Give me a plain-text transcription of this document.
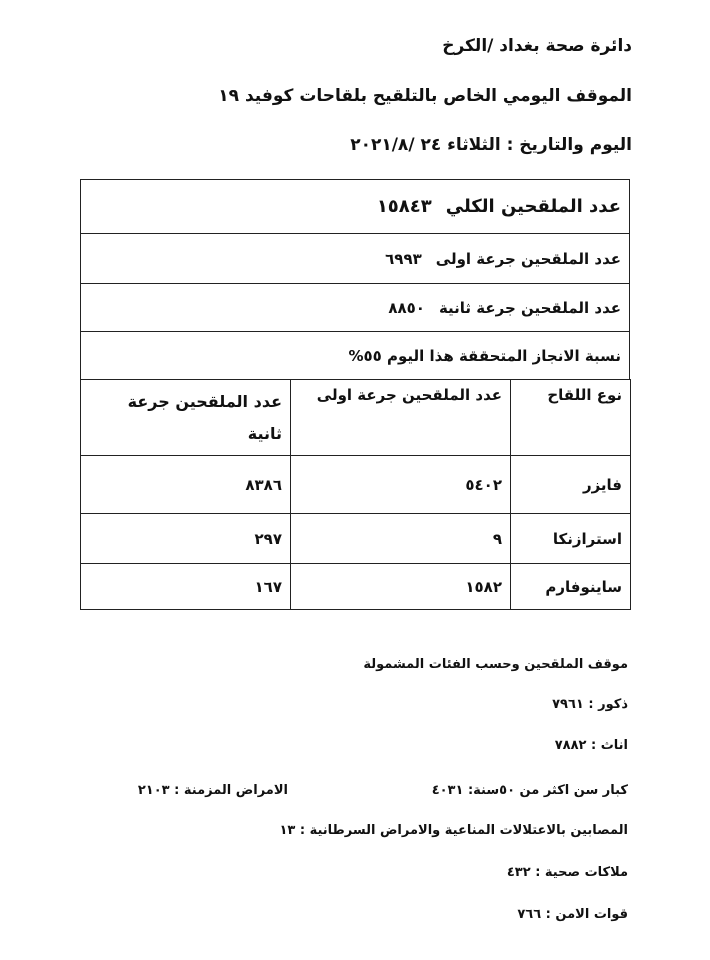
دائرة صحة بغداد /الكرخ
الموقف اليومي الخاص بالتلقيح بلقاحات كوفيد ١٩
اليوم والتاريخ : الثلاثاء ٢٤ /٢٠٢١/٨
عدد الملقحين الكلي
١٥٨٤٣
عدد الملقحين جرعة اولى
٦٩٩٣
عدد الملقحين جرعة ثانية
٨٨٥٠
نسبة الانجاز المتحققة هذا اليوم ٥٥%
نوع اللقاح	عدد الملقحين جرعة اولى	عدد الملقحين جرعة ثانية
فايزر	٥٤٠٢	٨٣٨٦
استرازنكا	٩	٢٩٧
ساينوفارم	١٥٨٢	١٦٧
موقف الملقحين وحسب الفئات المشمولة
ذكور : ٧٩٦١
اناث : ٧٨٨٢
كبار سن اكثر من ٥٠سنة: ٤٠٣١
الامراض المزمنة : ٢١٠٣
المصابين بالاعتلالات المناعية والامراض السرطانية : ١٣
ملاكات صحية : ٤٣٢
قوات الامن : ٧٦٦
